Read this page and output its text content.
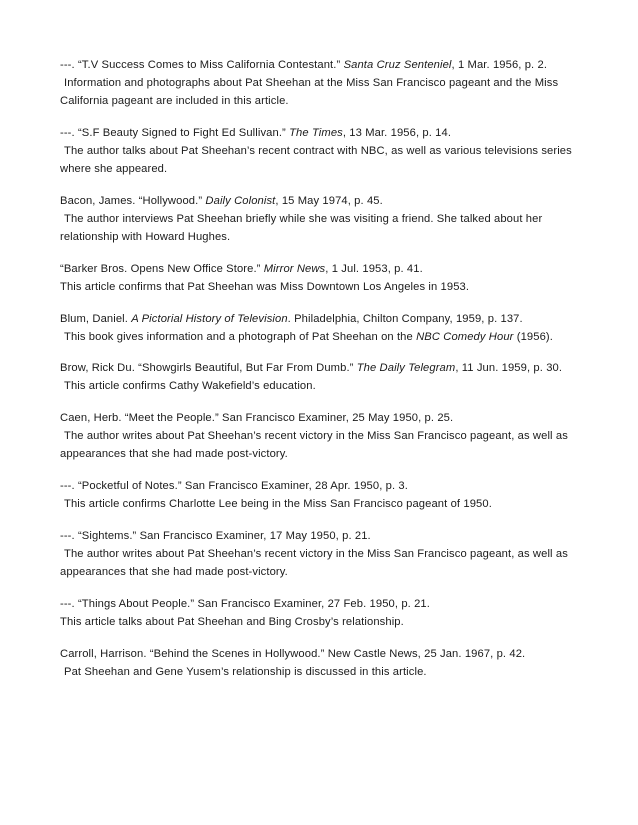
---. “T.V Success Comes to Miss California Contestant.” Santa Cruz Senteniel, 1 Mar. 1956, p. 2.
Information and photographs about Pat Sheehan at the Miss San Francisco pageant and the Miss California pageant are included in this article.
---. “S.F Beauty Signed to Fight Ed Sullivan.” The Times, 13 Mar. 1956, p. 14.
The author talks about Pat Sheehan’s recent contract with NBC, as well as various televisions series where she appeared.
Bacon, James. “Hollywood.” Daily Colonist, 15 May 1974, p. 45.
The author interviews Pat Sheehan briefly while she was visiting a friend. She talked about her relationship with Howard Hughes.
“Barker Bros. Opens New Office Store.” Mirror News, 1 Jul. 1953, p. 41.
This article confirms that Pat Sheehan was Miss Downtown Los Angeles in 1953.
Blum, Daniel. A Pictorial History of Television. Philadelphia, Chilton Company, 1959, p. 137.
This book gives information and a photograph of Pat Sheehan on the NBC Comedy Hour (1956).
Brow, Rick Du. “Showgirls Beautiful, But Far From Dumb.” The Daily Telegram, 11 Jun. 1959, p. 30.
This article confirms Cathy Wakefield’s education.
Caen, Herb. “Meet the People.” San Francisco Examiner, 25 May 1950, p. 25.
The author writes about Pat Sheehan’s recent victory in the Miss San Francisco pageant, as well as appearances that she had made post-victory.
---. “Pocketful of Notes.” San Francisco Examiner, 28 Apr. 1950, p. 3.
This article confirms Charlotte Lee being in the Miss San Francisco pageant of 1950.
---. “Sightems.” San Francisco Examiner, 17 May 1950, p. 21.
The author writes about Pat Sheehan’s recent victory in the Miss San Francisco pageant, as well as appearances that she had made post-victory.
---. “Things About People.” San Francisco Examiner, 27 Feb. 1950, p. 21.
This article talks about Pat Sheehan and Bing Crosby’s relationship.
Carroll, Harrison. “Behind the Scenes in Hollywood.” New Castle News, 25 Jan. 1967, p. 42.
Pat Sheehan and Gene Yusem’s relationship is discussed in this article.
